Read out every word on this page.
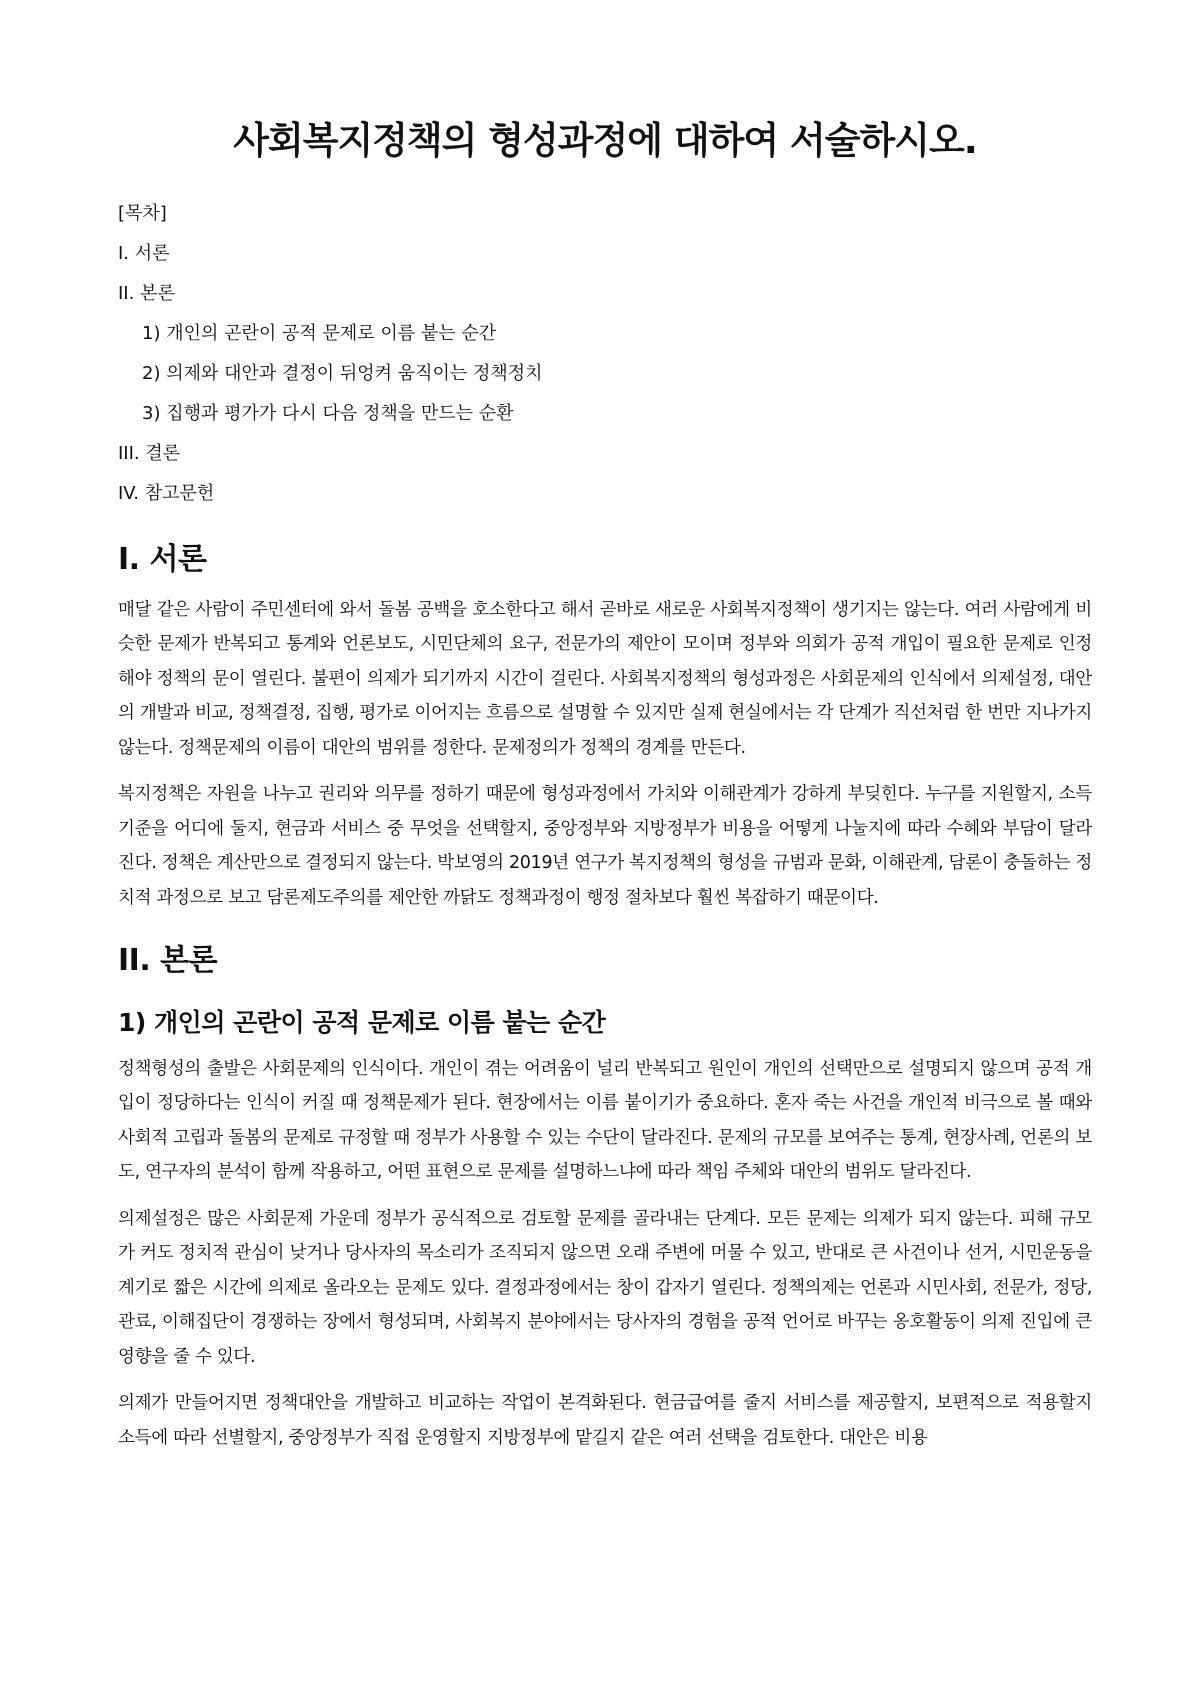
사회복지정책의 형성과정에 대하여 서술하시오.
[목차]
I. 서론
II. 본론
1) 개인의 곤란이 공적 문제로 이름 붙는 순간
2) 의제와 대안과 결정이 뒤엉켜 움직이는 정책정치
3) 집행과 평가가 다시 다음 정책을 만드는 순환
III. 결론
IV. 참고문헌
I. 서론

매달 같은 사람이 주민센터에 와서 돌봄 공백을 호소한다고 해서 곧바로 새로운 사회복지정책이 생기지는 않는다. 여러 사람에게 비슷한 문제가 반복되고 통계와 언론보도, 시민단체의 요구, 전문가의 제안이 모이며 정부와 의회가 공적 개입이 필요한 문제로 인정해야 정책의 문이 열린다. 불편이 의제가 되기까지 시간이 걸린다. 사회복지정책의 형성과정은 사회문제의 인식에서 의제설정, 대안의 개발과 비교, 정책결정, 집행, 평가로 이어지는 흐름으로 설명할 수 있지만 실제 현실에서는 각 단계가 직선처럼 한 번만 지나가지 않는다. 정책문제의 이름이 대안의 범위를 정한다. 문제정의가 정책의 경계를 만든다.

복지정책은 자원을 나누고 권리와 의무를 정하기 때문에 형성과정에서 가치와 이해관계가 강하게 부딪힌다. 누구를 지원할지, 소득기준을 어디에 둘지, 현금과 서비스 중 무엇을 선택할지, 중앙정부와 지방정부가 비용을 어떻게 나눌지에 따라 수혜와 부담이 달라진다. 정책은 계산만으로 결정되지 않는다. 박보영의 2019년 연구가 복지정책의 형성을 규범과 문화, 이해관계, 담론이 충돌하는 정치적 과정으로 보고 담론제도주의를 제안한 까닭도 정책과정이 행정 절차보다 훨씬 복잡하기 때문이다.

II. 본론
1) 개인의 곤란이 공적 문제로 이름 붙는 순간

정책형성의 출발은 사회문제의 인식이다. 개인이 겪는 어려움이 널리 반복되고 원인이 개인의 선택만으로 설명되지 않으며 공적 개입이 정당하다는 인식이 커질 때 정책문제가 된다. 현장에서는 이름 붙이기가 중요하다. 혼자 죽는 사건을 개인적 비극으로 볼 때와 사회적 고립과 돌봄의 문제로 규정할 때 정부가 사용할 수 있는 수단이 달라진다. 문제의 규모를 보여주는 통계, 현장사례, 언론의 보도, 연구자의 분석이 함께 작용하고, 어떤 표현으로 문제를 설명하느냐에 따라 책임 주체와 대안의 범위도 달라진다.

의제설정은 많은 사회문제 가운데 정부가 공식적으로 검토할 문제를 골라내는 단계다. 모든 문제는 의제가 되지 않는다. 피해 규모가 커도 정치적 관심이 낮거나 당사자의 목소리가 조직되지 않으면 오래 주변에 머물 수 있고, 반대로 큰 사건이나 선거, 시민운동을 계기로 짧은 시간에 의제로 올라오는 문제도 있다. 결정과정에서는 창이 갑자기 열린다. 정책의제는 언론과 시민사회, 전문가, 정당, 관료, 이해집단이 경쟁하는 장에서 형성되며, 사회복지 분야에서는 당사자의 경험을 공적 언어로 바꾸는 옹호활동이 의제 진입에 큰 영향을 줄 수 있다.

의제가 만들어지면 정책대안을 개발하고 비교하는 작업이 본격화된다. 현금급여를 줄지 서비스를 제공할지, 보편적으로 적용할지 소득에 따라 선별할지, 중앙정부가 직접 운영할지 지방정부에 맡길지 같은 여러 선택을 검토한다. 대안은 비용
